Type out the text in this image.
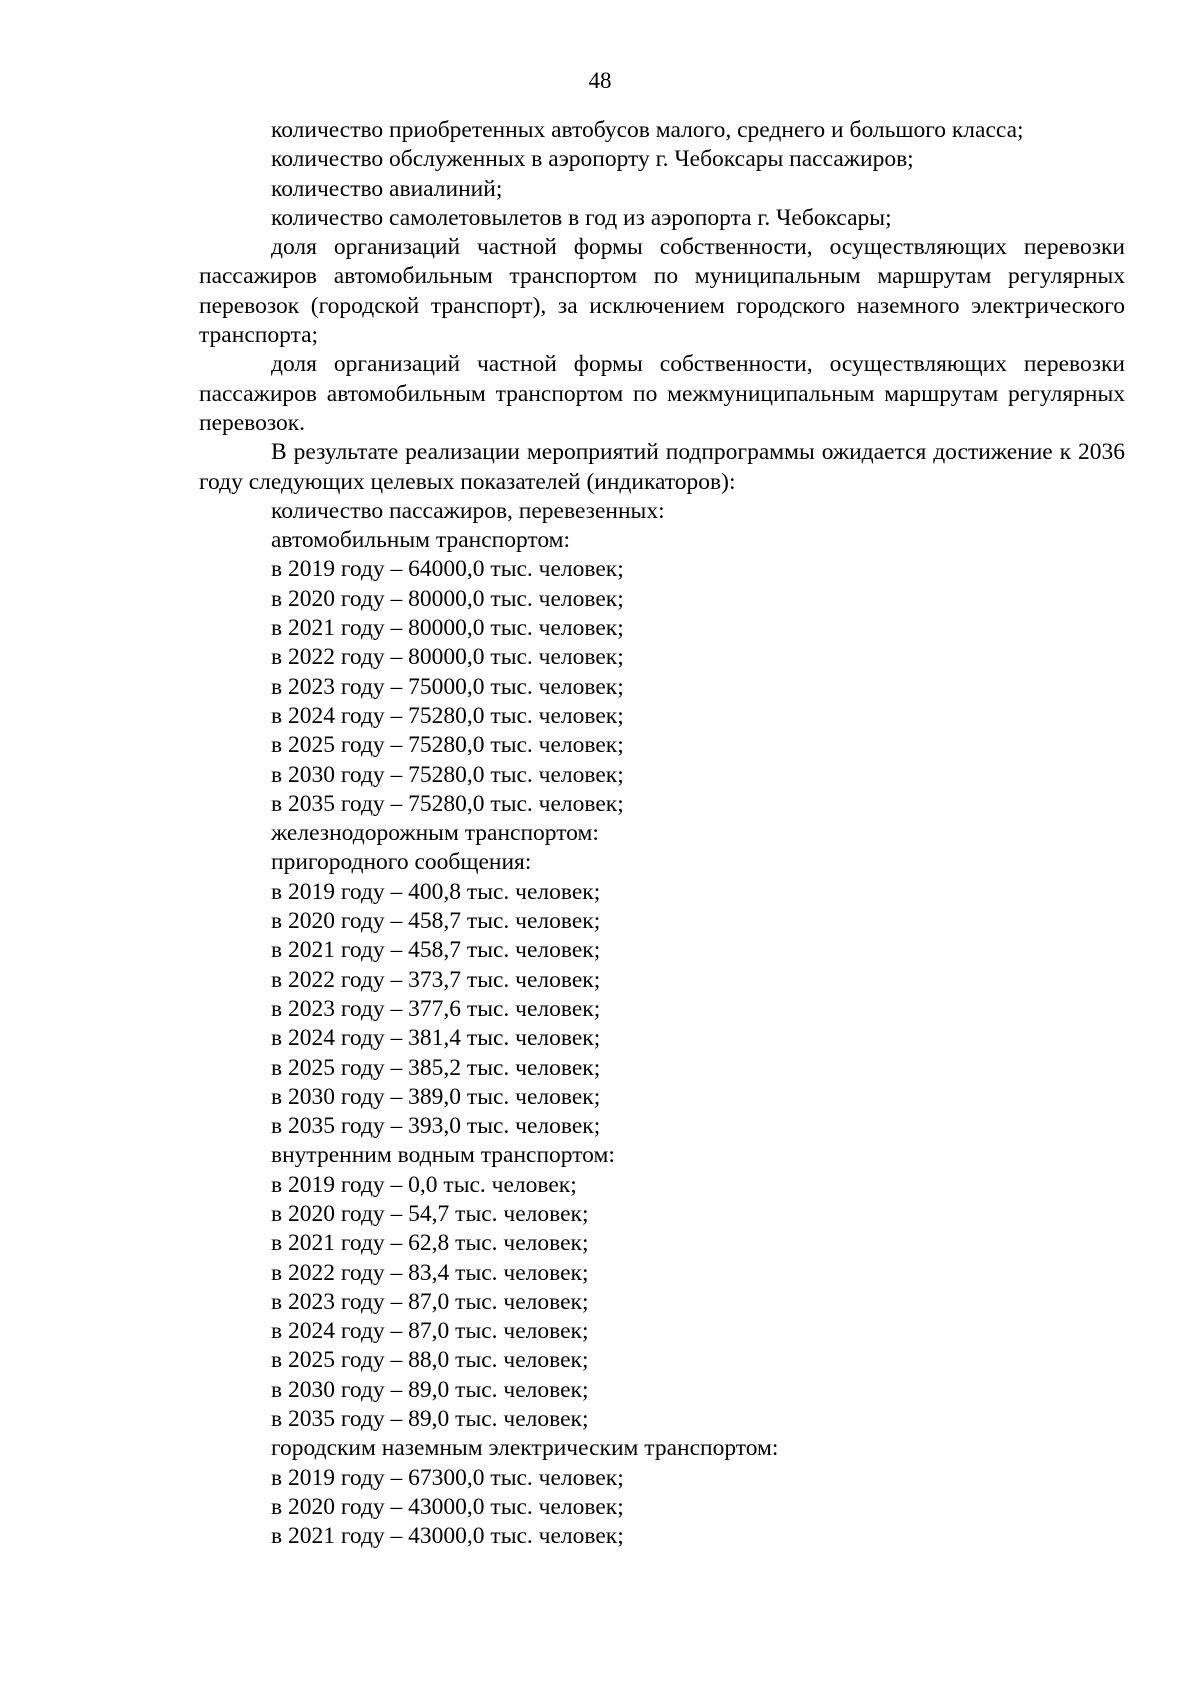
48

количество приобретенных автобусов малого, среднего и большого класса;

количество обслуженных в аэропорту г. Чебоксары пассажиров;

количество авиалиний;

количество самолетовылетов в год из аэропорта г. Чебоксары;

доля организаций частной формы собственности, осуществляющих перевозки пассажиров автомобильным транспортом по муниципальным маршрутам регулярных перевозок (городской транспорт), за исключением городского наземного электрического транспорта;

доля организаций частной формы собственности, осуществляющих перевозки пассажиров автомобильным транспортом по межмуниципальным маршрутам регулярных перевозок.

В результате реализации мероприятий подпрограммы ожидается достижение к 2036 году следующих целевых показателей (индикаторов):

количество пассажиров, перевезенных:
автомобильным транспортом:
в 2019 году – 64000,0 тыс. человек;
в 2020 году – 80000,0 тыс. человек;
в 2021 году – 80000,0 тыс. человек;
в 2022 году – 80000,0 тыс. человек;
в 2023 году – 75000,0 тыс. человек;
в 2024 году – 75280,0 тыс. человек;
в 2025 году – 75280,0 тыс. человек;
в 2030 году – 75280,0 тыс. человек;
в 2035 году – 75280,0 тыс. человек;
железнодорожным транспортом:
пригородного сообщения:
в 2019 году – 400,8 тыс. человек;
в 2020 году – 458,7 тыс. человек;
в 2021 году – 458,7 тыс. человек;
в 2022 году – 373,7 тыс. человек;
в 2023 году – 377,6 тыс. человек;
в 2024 году – 381,4 тыс. человек;
в 2025 году – 385,2 тыс. человек;
в 2030 году – 389,0 тыс. человек;
в 2035 году – 393,0 тыс. человек;
внутренним водным транспортом:
в 2019 году – 0,0 тыс. человек;
в 2020 году – 54,7 тыс. человек;
в 2021 году – 62,8 тыс. человек;
в 2022 году – 83,4 тыс. человек;
в 2023 году – 87,0 тыс. человек;
в 2024 году – 87,0 тыс. человек;
в 2025 году – 88,0 тыс. человек;
в 2030 году – 89,0 тыс. человек;
в 2035 году – 89,0 тыс. человек;
городским наземным электрическим транспортом:
в 2019 году – 67300,0 тыс. человек;
в 2020 году – 43000,0 тыс. человек;
в 2021 году – 43000,0 тыс. человек;
